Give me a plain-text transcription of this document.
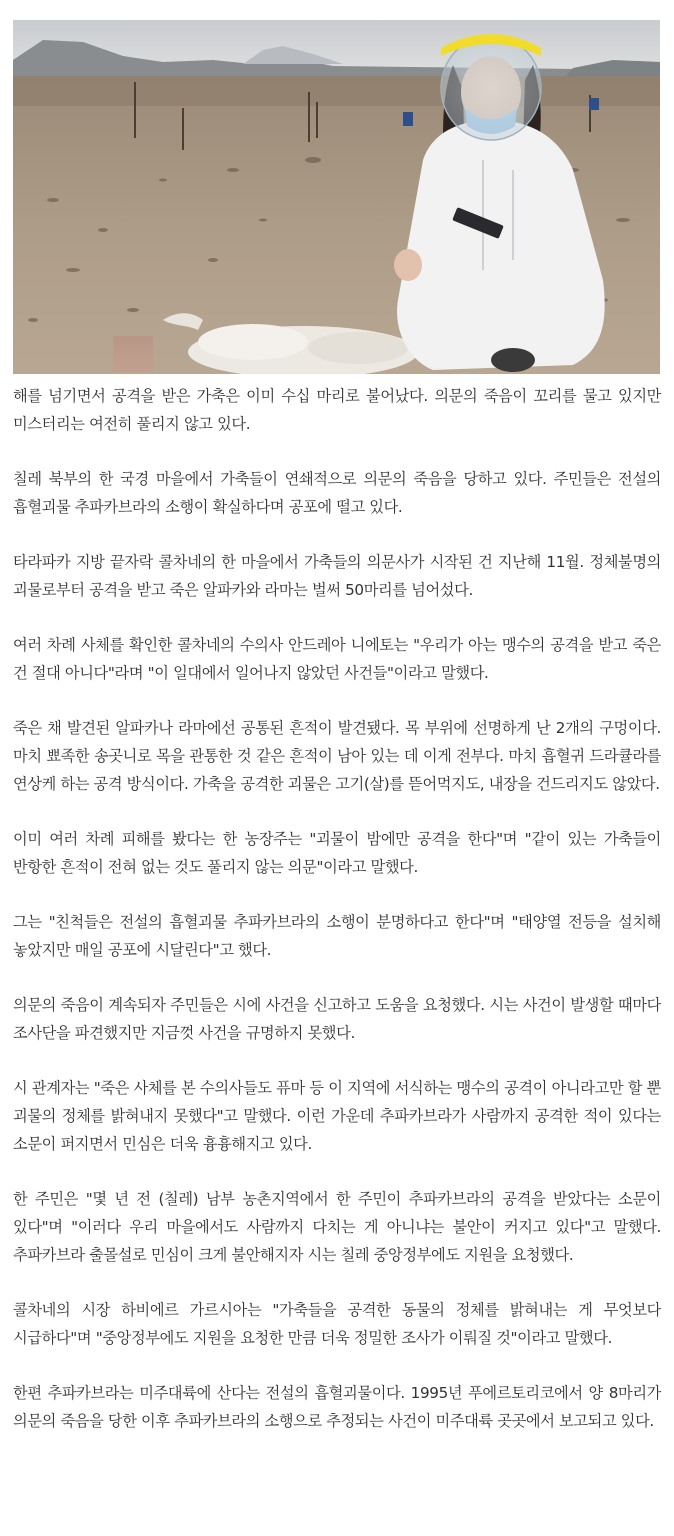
해를 넘기면서 공격을 받은 가축은 이미 수십 마리로 불어났다. 의문의 죽음이 꼬리를 물고 있지만 미스터리는 여전히 풀리지 않고 있다.

칠레 북부의 한 국경 마을에서 가축들이 연쇄적으로 의문의 죽음을 당하고 있다. 주민들은 전설의 흡혈괴물 추파카브라의 소행이 확실하다며 공포에 떨고 있다.

타라파카 지방 끝자락 콜차네의 한 마을에서 가축들의 의문사가 시작된 건 지난해 11월. 정체불명의 괴물로부터 공격을 받고 죽은 알파카와 라마는 벌써 50마리를 넘어섰다.

여러 차례 사체를 확인한 콜차네의 수의사 안드레아 니에토는 "우리가 아는 맹수의 공격을 받고 죽은 건 절대 아니다"라며 "이 일대에서 일어나지 않았던 사건들"이라고 말했다.

죽은 채 발견된 알파카나 라마에선 공통된 흔적이 발견됐다. 목 부위에 선명하게 난 2개의 구멍이다. 마치 뾰족한 송곳니로 목을 관통한 것 같은 흔적이 남아 있는 데 이게 전부다. 마치 흡혈귀 드라큘라를 연상케 하는 공격 방식이다. 가축을 공격한 괴물은 고기(살)를 뜯어먹지도, 내장을 건드리지도 않았다.

이미 여러 차례 피해를 봤다는 한 농장주는 "괴물이 밤에만 공격을 한다"며 "같이 있는 가축들이 반항한 흔적이 전혀 없는 것도 풀리지 않는 의문"이라고 말했다.

그는 "친척들은 전설의 흡혈괴물 추파카브라의 소행이 분명하다고 한다"며 "태양열 전등을 설치해 놓았지만 매일 공포에 시달린다"고 했다.

의문의 죽음이 계속되자 주민들은 시에 사건을 신고하고 도움을 요청했다. 시는 사건이 발생할 때마다 조사단을 파견했지만 지금껏 사건을 규명하지 못했다.

시 관계자는 "죽은 사체를 본 수의사들도 퓨마 등 이 지역에 서식하는 맹수의 공격이 아니라고만 할 뿐 괴물의 정체를 밝혀내지 못했다"고 말했다. 이런 가운데 추파카브라가 사람까지 공격한 적이 있다는 소문이 퍼지면서 민심은 더욱 흉흉해지고 있다.

한 주민은 "몇 년 전 (칠레) 남부 농촌지역에서 한 주민이 추파카브라의 공격을 받았다는 소문이 있다"며 "이러다 우리 마을에서도 사람까지 다치는 게 아니냐는 불안이 커지고 있다"고 말했다. 추파카브라 출몰설로 민심이 크게 불안해지자 시는 칠레 중앙정부에도 지원을 요청했다.

콜차네의 시장 하비에르 가르시아는 "가축들을 공격한 동물의 정체를 밝혀내는 게 무엇보다 시급하다"며 "중앙정부에도 지원을 요청한 만큼 더욱 정밀한 조사가 이뤄질 것"이라고 말했다.

한편 추파카브라는 미주대륙에 산다는 전설의 흡혈괴물이다. 1995년 푸에르토리코에서 양 8마리가 의문의 죽음을 당한 이후 추파카브라의 소행으로 추정되는 사건이 미주대륙 곳곳에서 보고되고 있다.
